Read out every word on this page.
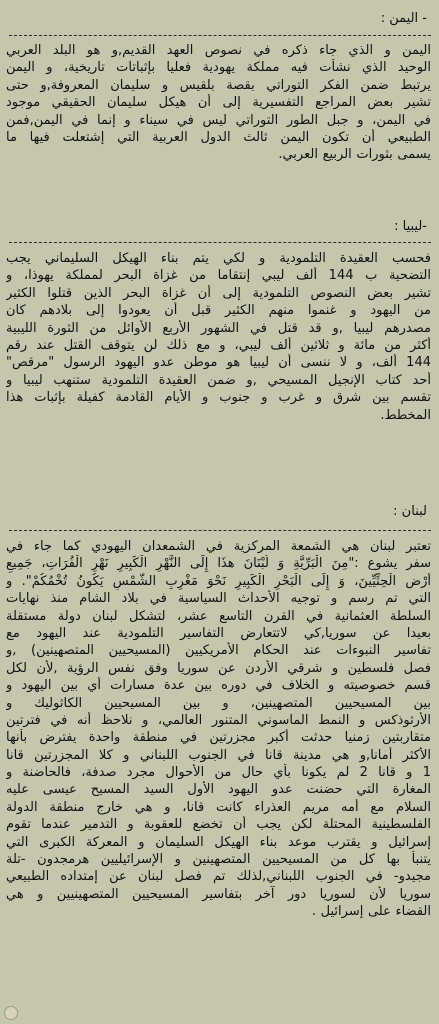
- اليمن :
اليمن و الذي جاء ذكره في نصوص العهد القديم,و هو البلد العربي
الوحيد الذي نشأت فيه مملكة يهودية فعليا بإثباتات تاريخية، و اليمن
يرتبط ضمن الفكر التوراتي بقصة بلقيس و سليمان المعروفة,و حتى
تشير بعض المراجع التفسيرية إلى أن هيكل سليمان الحقيقي موجود
في اليمن، و جبل الطور التوراتي ليس في سيناء و إنما في اليمن,فمن
الطبيعي أن تكون اليمن ثالث الدول العربية التي إشتعلت فيها ما
يسمى بثورات الربيع العربي.
-ليبيا :
فحسب العقيدة التلمودية و لكي يتم بناء الهيكل السليماني يجب
التضحية ب 144 ألف ليبي إنتقاما من غزاة البحر لمملكة يهوذا، و
تشير بعض النصوص التلمودية إلى أن غزاة البحر الذين قتلوا الكثير
من اليهود و غنموا منهم الكثير قبل أن يعودوا إلى بلادهم كان
مصدرهم ليبيا ,و قد قتل في الشهور الأربع الأوائل من الثورة الليبية
أكثر من مائة و ثلاثين ألف ليبي، و مع ذلك لن يتوقف القتل عند رقم
144 ألف، و لا ننسى أن ليبيا هو موطن عدو اليهود الرسول "مرقص"
أحد كتاب الإنجيل المسيحي ,و ضمن العقيدة التلمودية ستنهب ليبيا و
تقسم بين شرق و غرب و جنوب و الأيام القادمة كفيلة بإثبات هذا
المخطط.
لبنان :
تعتبر لبنان هي الشمعة المركزية في الشمعدان اليهودي كما جاء في
سفر يشوع :"مِنَ الْبَرِّيَّةِ وَ لُبْنَانَ هذَا إِلَى النَّهْرِ الْكَبِيرِ نَهْرِ الْفُرَاتِ، جَمِيعِ
أَرْضِ الْحِثِّيِّينَ، وَ إِلَى الْبَحْرِ الْكَبِيرِ نَحْوَ مَغْرِبِ الشَّمْسِ يَكُونُ تُخْمُكُمْ". و
التي تم رسم و توجيه الأحداث السياسية في بلاد الشام منذ نهايات
السلطة العثمانية في القرن التاسع عشر، لتشكل لبنان دولة مستقلة
بعيدا عن سوريا,كي لاتتعارض التفاسير التلمودية عند اليهود مع
تفاسير النبوءات عند الحكام الأمريكيين (المسيحيين المتصهينين) ,و
فصل فلسطين و شرقي الأردن عن سوريا وفق نفس الرؤية ,لأن لكل
قسم خصوصيته و الخلاف في دوره بين عدة مسارات أي بين اليهود و
بين المسيحيين المتصهينين، و بين المسيحيين الكاثوليك و
الأرثوذكس و النمط الماسوني المتنور العالمي، و نلاحظ أنه في فترتين
متقاربتين زمنيا حدثت أكبر مجزرتين في منطقة واحدة يفترض بأنها
الأكثر أمانا,و هي مدينة قانا في الجنوب اللبناني و كلا المجزرتين قانا
1 و قانا 2 لم يكونا بأي حال من الأحوال مجرد صدفة، فالحاضنة و
المغارة التي حضنت عدو اليهود الأول السيد المسيح عيسى عليه
السلام مع أمه مريم العذراء كانت قانا، و هي خارج منطقة الدولة
الفلسطينية المحتلة لكن يجب أن تخضع للعقوبة و التدمير عندما تقوم
إسرائيل و يقترب موعد بناء الهيكل السليمان و المعركة الكبرى التي
يتنبأ بها كل من المسيحيين المتصهينين و الإسرائيليين هرمجدون -تلة
مجيدو- في الجنوب اللبناني,لذلك تم فصل لبنان عن إمتداده الطبيعي
سوريا لأن لسوريا دور آخر بتفاسير المسيحيين المتصهينيين و هي
القضاء على إسرائيل .
